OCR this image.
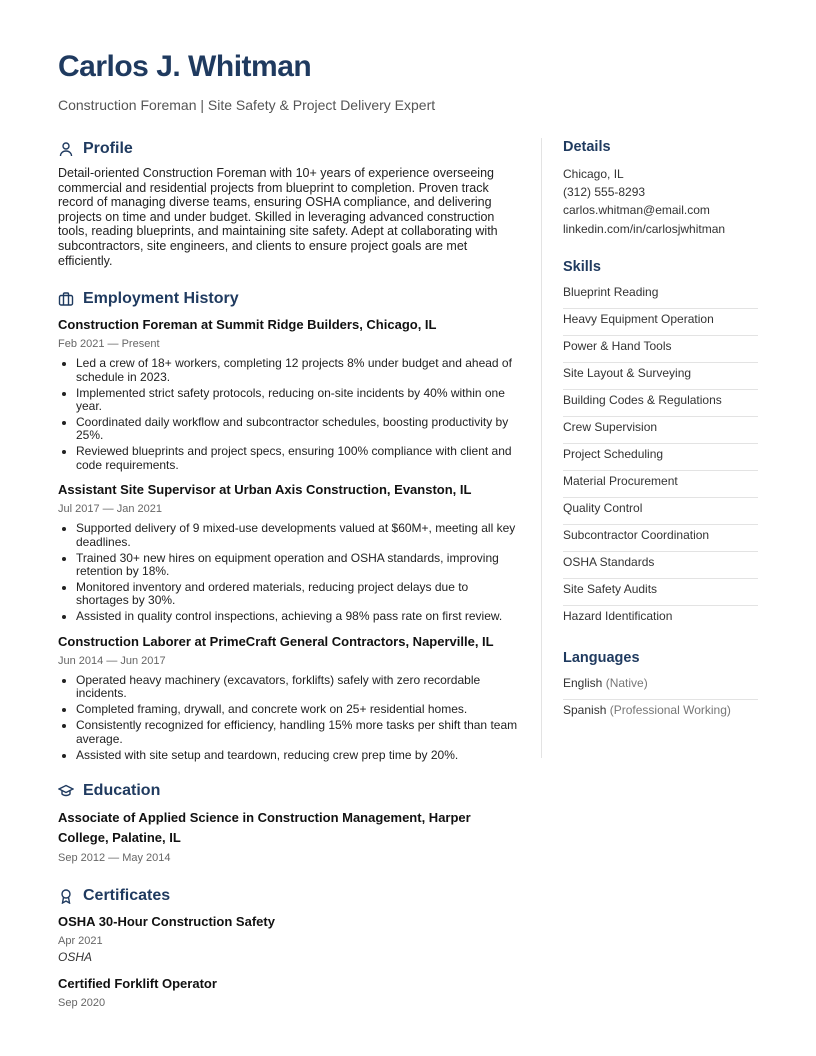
Carlos J. Whitman

Construction Foreman | Site Safety & Project Delivery Expert

Profile

Detail-oriented Construction Foreman with 10+ years of experience overseeing commercial and residential projects from blueprint to completion. Proven track record of managing diverse teams, ensuring OSHA compliance, and delivering projects on time and under budget. Skilled in leveraging advanced construction tools, reading blueprints, and maintaining site safety. Adept at collaborating with subcontractors, site engineers, and clients to ensure project goals are met efficiently.

Employment History

Construction Foreman at Summit Ridge Builders, Chicago, IL

Feb 2021 — Present

• Led a crew of 18+ workers, completing 12 projects 8% under budget and ahead of schedule in 2023.
• Implemented strict safety protocols, reducing on-site incidents by 40% within one year.
• Coordinated daily workflow and subcontractor schedules, boosting productivity by 25%.
• Reviewed blueprints and project specs, ensuring 100% compliance with client and code requirements.

Assistant Site Supervisor at Urban Axis Construction, Evanston, IL

Jul 2017 — Jan 2021

• Supported delivery of 9 mixed-use developments valued at $60M+, meeting all key deadlines.
• Trained 30+ new hires on equipment operation and OSHA standards, improving retention by 18%.
• Monitored inventory and ordered materials, reducing project delays due to shortages by 30%.
• Assisted in quality control inspections, achieving a 98% pass rate on first review.

Construction Laborer at PrimeCraft General Contractors, Naperville, IL

Jun 2014 — Jun 2017

• Operated heavy machinery (excavators, forklifts) safely with zero recordable incidents.
• Completed framing, drywall, and concrete work on 25+ residential homes.
• Consistently recognized for efficiency, handling 15% more tasks per shift than team average.
• Assisted with site setup and teardown, reducing crew prep time by 20%.
Education

Associate of Applied Science in Construction Management, Harper College, Palatine, IL

Sep 2012 — May 2014

Certificates

OSHA 30-Hour Construction Safety

Apr 2021

OSHA

Certified Forklift Operator

Sep 2020

Details

Chicago, IL
(312) 555-8293
carlos.whitman@email.com
linkedin.com/in/carlosjwhitman

Skills

Blueprint Reading
Heavy Equipment Operation
Power & Hand Tools
Site Layout & Surveying
Building Codes & Regulations
Crew Supervision
Project Scheduling
Material Procurement
Quality Control
Subcontractor Coordination
OSHA Standards
Site Safety Audits
Hazard Identification

Languages

English (Native)
Spanish (Professional Working)
